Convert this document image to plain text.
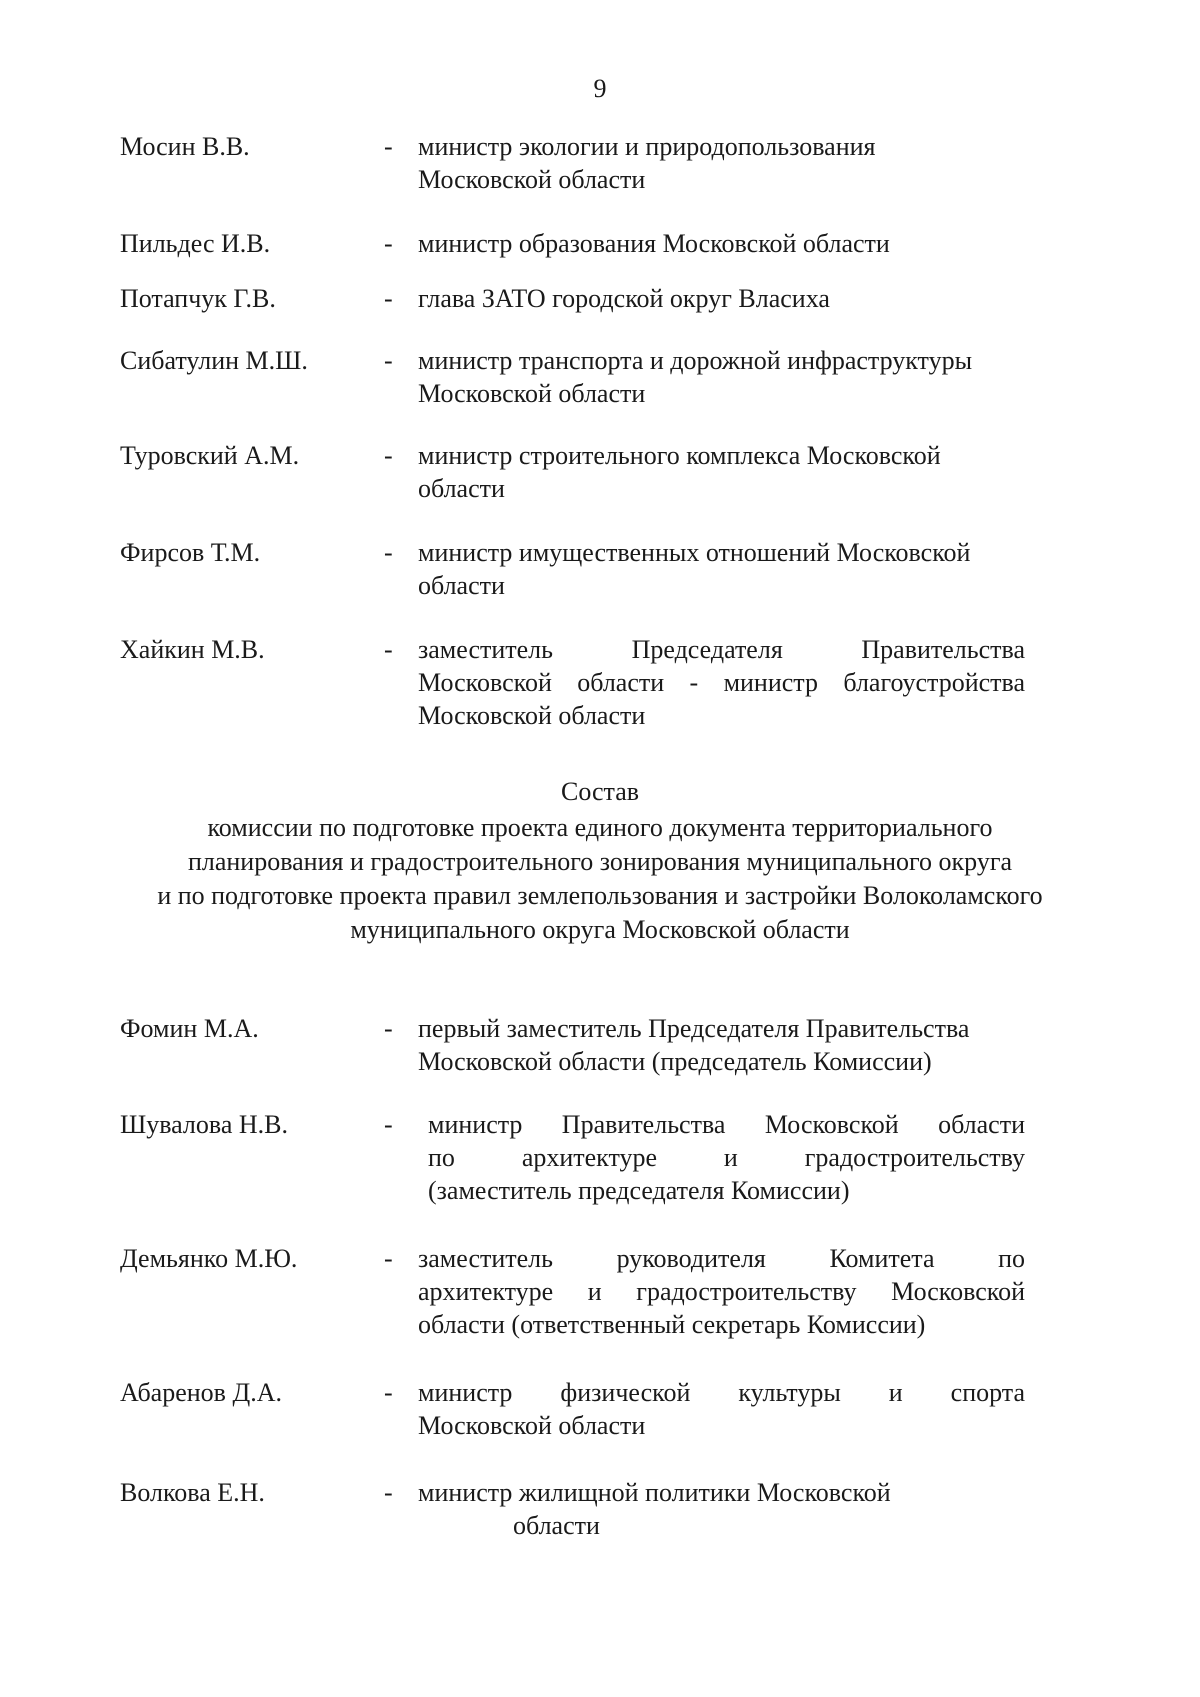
9
Мосин В.В.	- министр экологии и природопользования
Московской области
Пильдес И.В.	- министр образования Московской области
Потапчук Г.В.	- глава ЗАТО городской округ Власиха
Сибатулин М.Ш.	- министр транспорта и дорожной инфраструктуры
Московской области
Туровский А.М.	- министр строительного комплекса Московской
области
Фирсов Т.М.	- министр имущественных отношений Московской
области
Хайкин М.В.	- заместитель Председателя Правительства
Московской области - министр благоустройства
Московской области
Состав
комиссии по подготовке проекта единого документа территориального
планирования и градостроительного зонирования муниципального округа
и по подготовке проекта правил землепользования и застройки Волоколамского
муниципального округа Московской области
Фомин М.А.	- первый заместитель Председателя Правительства
Московской области (председатель Комиссии)
Шувалова Н.В.	-	министр Правительства Московской области
по архитектуре и градостроительству
(заместитель председателя Комиссии)
Демьянко М.Ю.	- заместитель руководителя Комитета по
архитектуре и градостроительству Московской
области (ответственный секретарь Комиссии)
Абаренов Д.А.	- министр физической культуры и спорта
Московской области
Волкова Е.Н.	- министр жилищной политики Московской
области
